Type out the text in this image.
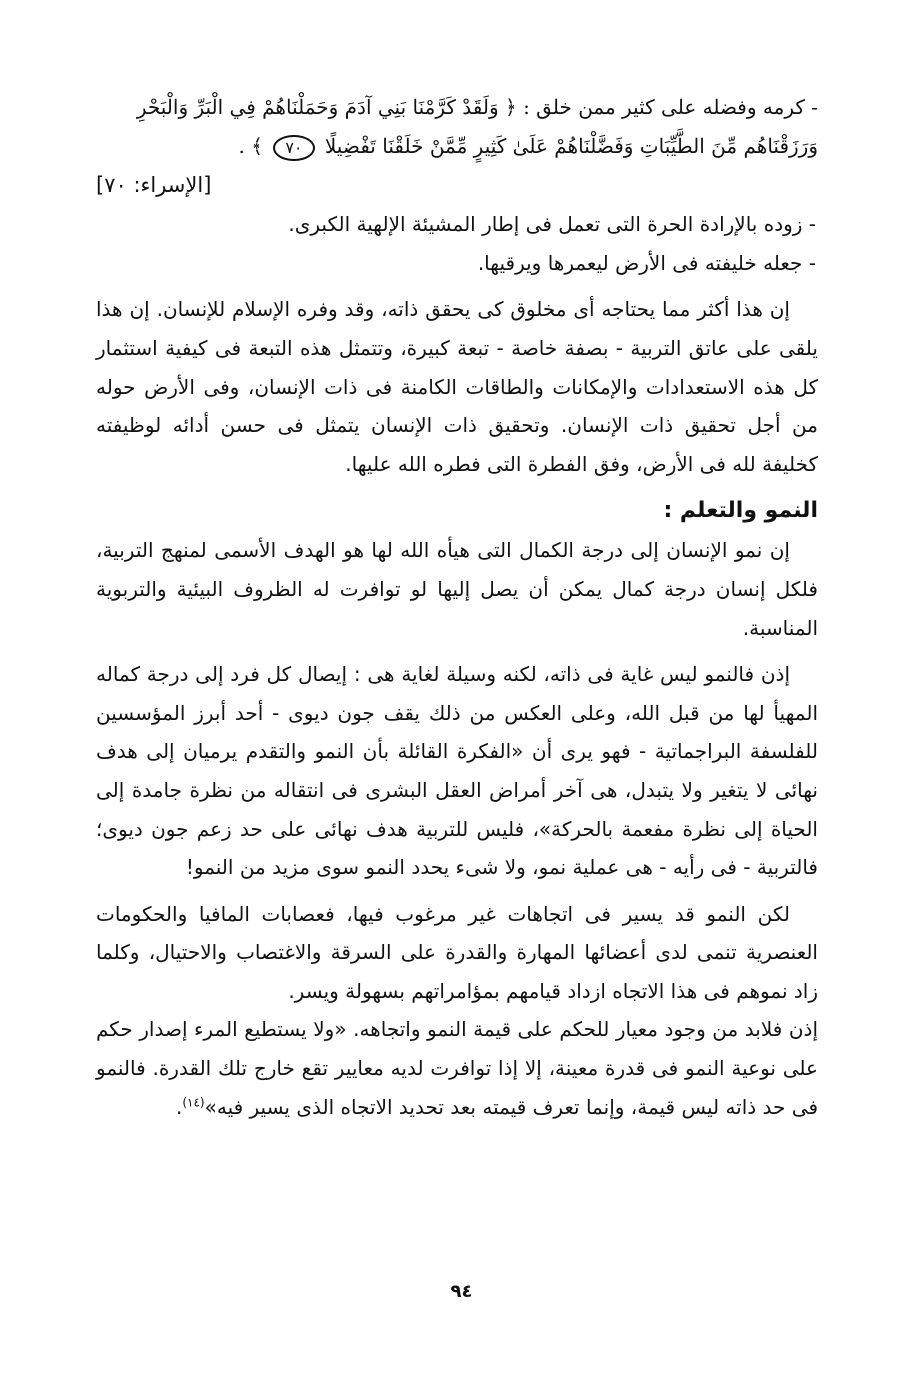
- كرمه وفضله على كثير ممن خلق : ﴿ وَلَقَدْ كَرَّمْنَا بَنِي آدَمَ وَحَمَلْنَاهُمْ فِي الْبَرِّ وَالْبَحْرِ وَرَزَقْنَاهُم مِّنَ الطَّيِّبَاتِ وَفَضَّلْنَاهُمْ عَلَىٰ كَثِيرٍ مِّمَّنْ خَلَقْنَا تَفْضِيلًا ٧٠ ﴾ .

[الإسراء: ٧٠]
- زوده بالإرادة الحرة التى تعمل فى إطار المشيئة الإلهية الكبرى.
- جعله خليفته فى الأرض ليعمرها ويرقيها.

إن هذا أكثر مما يحتاجه أى مخلوق كى يحقق ذاته، وقد وفره الإسلام للإنسان. إن هذا يلقى على عاتق التربية - بصفة خاصة - تبعة كبيرة، وتتمثل هذه التبعة فى كيفية استثمار كل هذه الاستعدادات والإمكانات والطاقات الكامنة فى ذات الإنسان، وفى الأرض حوله من أجل تحقيق ذات الإنسان. وتحقيق ذات الإنسان يتمثل فى حسن أدائه لوظيفته كخليفة لله فى الأرض، وفق الفطرة التى فطره الله عليها.

النمو والتعلم :

إن نمو الإنسان إلى درجة الكمال التى هيأه الله لها هو الهدف الأسمى لمنهج التربية، فلكل إنسان درجة كمال يمكن أن يصل إليها لو توافرت له الظروف البيئية والتربوية المناسبة.

إذن فالنمو ليس غاية فى ذاته، لكنه وسيلة لغاية هى : إيصال كل فرد إلى درجة كماله المهيأ لها من قبل الله، وعلى العكس من ذلك يقف جون ديوى - أحد أبرز المؤسسين للفلسفة البراجماتية - فهو يرى أن «الفكرة القائلة بأن النمو والتقدم يرميان إلى هدف نهائى لا يتغير ولا يتبدل، هى آخر أمراض العقل البشرى فى انتقاله من نظرة جامدة إلى الحياة إلى نظرة مفعمة بالحركة»، فليس للتربية هدف نهائى على حد زعم جون ديوى؛ فالتربية - فى رأيه - هى عملية نمو، ولا شىء يحدد النمو سوى مزيد من النمو!

لكن النمو قد يسير فى اتجاهات غير مرغوب فيها، فعصابات المافيا والحكومات العنصرية تنمى لدى أعضائها المهارة والقدرة على السرقة والاغتصاب والاحتيال، وكلما زاد نموهم فى هذا الاتجاه ازداد قيامهم بمؤامراتهم بسهولة ويسر.

إذن فلابد من وجود معيار للحكم على قيمة النمو واتجاهه. «ولا يستطيع المرء إصدار حكم على نوعية النمو فى قدرة معينة، إلا إذا توافرت لديه معايير تقع خارج تلك القدرة. فالنمو فى حد ذاته ليس قيمة، وإنما تعرف قيمته بعد تحديد الاتجاه الذى يسير فيه»$^{(١٤)}$.

٩٤
